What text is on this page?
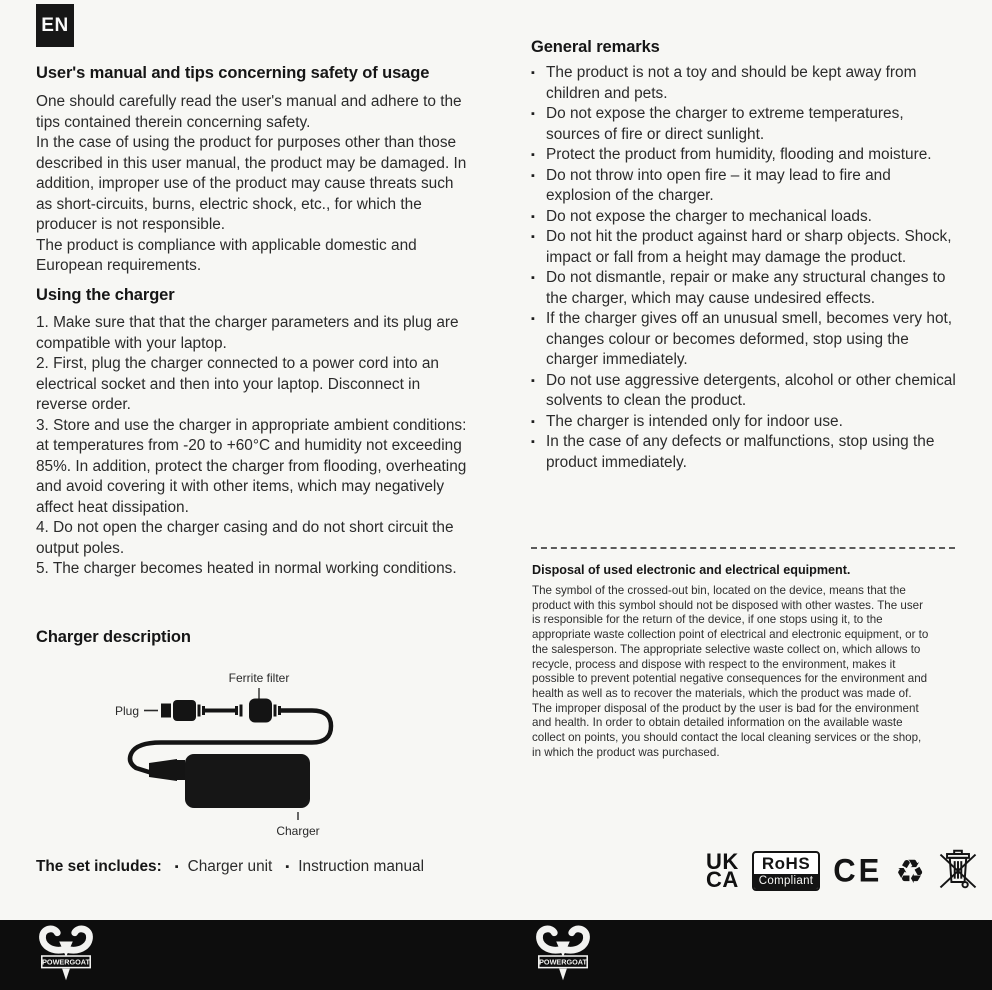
EN
User's manual and tips concerning safety of usage
One should carefully read the user's manual and adhere to the tips contained therein concerning safety.
In the case of using the product for purposes other than those described in this user manual, the product may be damaged. In addition, improper use of the product may cause threats such as short-circuits, burns, electric shock, etc., for which the producer is not responsible.
The product is compliance with applicable domestic and European requirements.
Using the charger
1. Make sure that that the charger parameters and its plug are compatible with your laptop.
2. First, plug the charger connected to a power cord into an electrical socket and then into your laptop. Disconnect in reverse order.
3. Store and use the charger in appropriate ambient conditions: at temperatures from -20 to +60°C and humidity not exceeding 85%. In addition, protect the charger from flooding, overheating and avoid covering it with other items, which may negatively affect heat dissipation.
4. Do not open the charger casing and do not short circuit the output poles.
5. The charger becomes heated in normal working conditions.
Charger description
Ferrite filter
Plug
Charger
The set includes: ▪ Charger unit ▪ Instruction manual
General remarks
▪ The product is not a toy and should be kept away from children and pets.
▪ Do not expose the charger to extreme temperatures, sources of fire or direct sunlight.
▪ Protect the product from humidity, flooding and moisture.
▪ Do not throw into open fire – it may lead to fire and explosion of the charger.
▪ Do not expose the charger to mechanical loads.
▪ Do not hit the product against hard or sharp objects. Shock, impact or fall from a height may damage the product.
▪ Do not dismantle, repair or make any structural changes to the charger, which may cause undesired effects.
▪ If the charger gives off an unusual smell, becomes very hot, changes colour or becomes deformed, stop using the charger immediately.
▪ Do not use aggressive detergents, alcohol or other chemical solvents to clean the product.
▪ The charger is intended only for indoor use.
▪ In the case of any defects or malfunctions, stop using the product immediately.
Disposal of used electronic and electrical equipment.
The symbol of the crossed-out bin, located on the device, means that the product with this symbol should not be disposed with other wastes. The user is responsible for the return of the device, if one stops using it, to the appropriate waste collection point of electrical and electronic equipment, or to the salesperson. The appropriate selective waste collect on, which allows to recycle, process and dispose with respect to the environment, makes it possible to prevent potential negative consequences for the environment and health as well as to recover the materials, which the product was made of. The improper disposal of the product by the user is bad for the environment and health. In order to obtain detailed information on the available waste collect on points, you should contact the local cleaning services or the shop, in which the product was purchased.
UK
CA
RoHS
Compliant CE ♻
POWERGOAT	POWERGOAT
